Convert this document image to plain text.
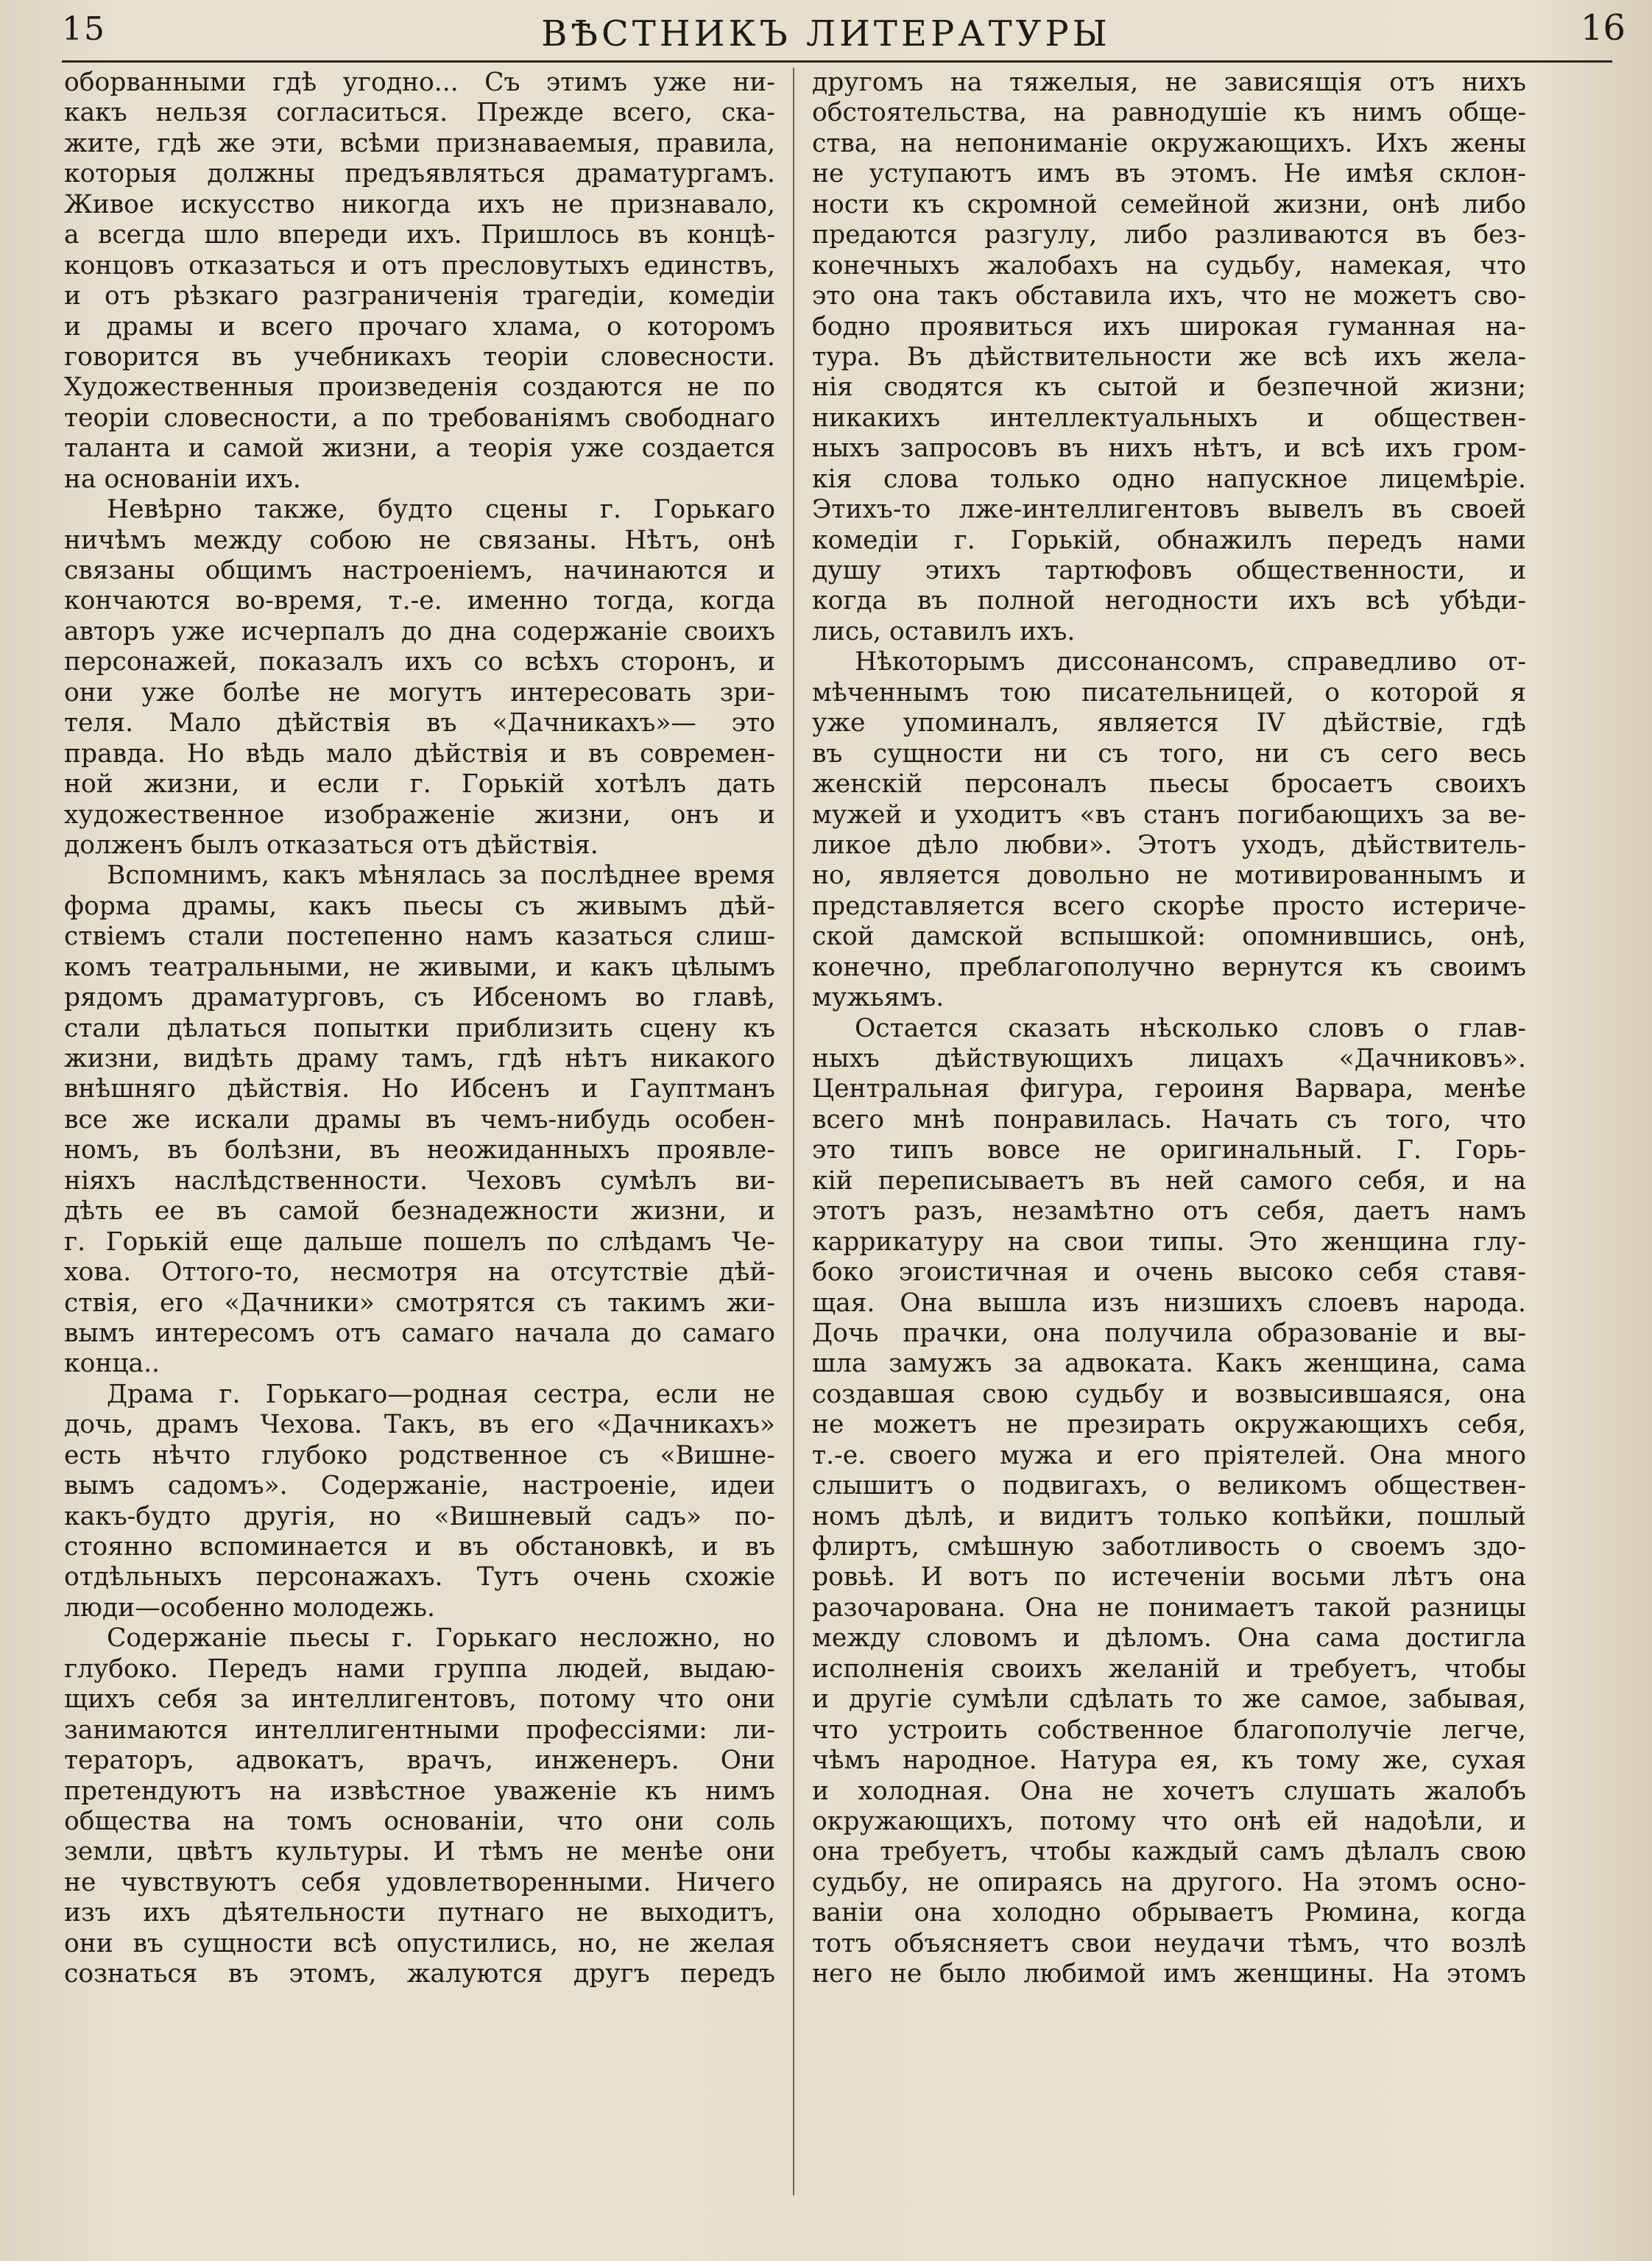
15	ВѢСТНИКЪ ЛИТЕРАТУРЫ	16
оборванными гдѣ угодно... Съ этимъ уже ни-
какъ нельзя согласиться. Прежде всего, ска-
жите, гдѣ же эти, всѣми признаваемыя, правила,
которыя должны предъявляться драматургамъ.
Живое искусство никогда ихъ не признавало,
а всегда шло впереди ихъ. Пришлось въ концѣ-
концовъ отказаться и отъ пресловутыхъ единствъ,
и отъ рѣзкаго разграниченія трагедіи, комедіи
и драмы и всего прочаго хлама, о которомъ
говорится въ учебникахъ теоріи словесности.
Художественныя произведенія создаются не по
теоріи словесности, а по требованіямъ свободнаго
таланта и самой жизни, а теорія уже создается
на основаніи ихъ.
Невѣрно также, будто сцены г. Горькаго
ничѣмъ между собою не связаны. Нѣтъ, онѣ
связаны общимъ настроеніемъ, начинаются и
кончаются во-время, т.-е. именно тогда, когда
авторъ уже исчерпалъ до дна содержаніе своихъ
персонажей, показалъ ихъ со всѣхъ сторонъ, и
они уже болѣе не могутъ интересовать зри-
теля. Мало дѣйствія въ «Дачникахъ»— это
правда. Но вѣдь мало дѣйствія и въ современ-
ной жизни, и если г. Горькій хотѣлъ дать
художественное изображеніе жизни, онъ и
долженъ былъ отказаться отъ дѣйствія.
Вспомнимъ, какъ мѣнялась за послѣднее время
форма драмы, какъ пьесы съ живымъ дѣй-
ствіемъ стали постепенно намъ казаться слиш-
комъ театральными, не живыми, и какъ цѣлымъ
рядомъ драматурговъ, съ Ибсеномъ во главѣ,
стали дѣлаться попытки приблизить сцену къ
жизни, видѣть драму тамъ, гдѣ нѣтъ никакого
внѣшняго дѣйствія. Но Ибсенъ и Гауптманъ
все же искали драмы въ чемъ-нибудь особен-
номъ, въ болѣзни, въ неожиданныхъ проявле-
ніяхъ наслѣдственности. Чеховъ сумѣлъ ви-
дѣть ее въ самой безнадежности жизни, и
г. Горькій еще дальше пошелъ по слѣдамъ Че-
хова. Оттого-то, несмотря на отсутствіе дѣй-
ствія, его «Дачники» смотрятся съ такимъ жи-
вымъ интересомъ отъ самаго начала до самаго
конца..
Драма г. Горькаго—родная сестра, если не
дочь, драмъ Чехова. Такъ, въ его «Дачникахъ»
есть нѣчто глубоко родственное съ «Вишне-
вымъ садомъ». Содержаніе, настроеніе, идеи
какъ-будто другія, но «Вишневый садъ» по-
стоянно вспоминается и въ обстановкѣ, и въ
отдѣльныхъ персонажахъ. Тутъ очень схожіе
люди—особенно молодежь.
Содержаніе пьесы г. Горькаго несложно, но
глубоко. Передъ нами группа людей, выдаю-
щихъ себя за интеллигентовъ, потому что они
занимаются интеллигентными профессіями: ли-
тераторъ, адвокатъ, врачъ, инженеръ. Они
претендуютъ на извѣстное уваженіе къ нимъ
общества на томъ основаніи, что они соль
земли, цвѣтъ культуры. И тѣмъ не менѣе они
не чувствуютъ себя удовлетворенными. Ничего
изъ ихъ дѣятельности путнаго не выходитъ,
они въ сущности всѣ опустились, но, не желая
сознаться въ этомъ, жалуются другъ передъ
другомъ на тяжелыя, не зависящія отъ нихъ
обстоятельства, на равнодушіе къ нимъ обще-
ства, на непониманіе окружающихъ. Ихъ жены
не уступаютъ имъ въ этомъ. Не имѣя склон-
ности къ скромной семейной жизни, онѣ либо
предаются разгулу, либо разливаются въ без-
конечныхъ жалобахъ на судьбу, намекая, что
это она такъ обставила ихъ, что не можетъ сво-
бодно проявиться ихъ широкая гуманная на-
тура. Въ дѣйствительности же всѣ ихъ жела-
нія сводятся къ сытой и безпечной жизни;
никакихъ интеллектуальныхъ и обществен-
ныхъ запросовъ въ нихъ нѣтъ, и всѣ ихъ гром-
кія слова только одно напускное лицемѣріе.
Этихъ-то лже-интеллигентовъ вывелъ въ своей
комедіи г. Горькій, обнажилъ передъ нами
душу этихъ тартюфовъ общественности, и
когда въ полной негодности ихъ всѣ убѣди-
лись, оставилъ ихъ.
Нѣкоторымъ диссонансомъ, справедливо от-
мѣченнымъ тою писательницей, о которой я
уже упоминалъ, является IV дѣйствіе, гдѣ
въ сущности ни съ того, ни съ сего весь
женскій персоналъ пьесы бросаетъ своихъ
мужей и уходитъ «въ станъ погибающихъ за ве-
ликое дѣло любви». Этотъ уходъ, дѣйствитель-
но, является довольно не мотивированнымъ и
представляется всего скорѣе просто истериче-
ской дамской вспышкой: опомнившись, онѣ,
конечно, преблагополучно вернутся къ своимъ
мужьямъ.
Остается сказать нѣсколько словъ о глав-
ныхъ дѣйствующихъ лицахъ «Дачниковъ».
Центральная фигура, героиня Варвара, менѣе
всего мнѣ понравилась. Начать съ того, что
это типъ вовсе не оригинальный. Г. Горь-
кій переписываетъ въ ней самого себя, и на
этотъ разъ, незамѣтно отъ себя, даетъ намъ
каррикатуру на свои типы. Это женщина глу-
боко эгоистичная и очень высоко себя ставя-
щая. Она вышла изъ низшихъ слоевъ народа.
Дочь прачки, она получила образованіе и вы-
шла замужъ за адвоката. Какъ женщина, сама
создавшая свою судьбу и возвысившаяся, она
не можетъ не презирать окружающихъ себя,
т.-е. своего мужа и его пріятелей. Она много
слышитъ о подвигахъ, о великомъ обществен-
номъ дѣлѣ, и видитъ только копѣйки, пошлый
флиртъ, смѣшную заботливость о своемъ здо-
ровьѣ. И вотъ по истеченіи восьми лѣтъ она
разочарована. Она не понимаетъ такой разницы
между словомъ и дѣломъ. Она сама достигла
исполненія своихъ желаній и требуетъ, чтобы
и другіе сумѣли сдѣлать то же самое, забывая,
что устроить собственное благополучіе легче,
чѣмъ народное. Натура ея, къ тому же, сухая
и холодная. Она не хочетъ слушать жалобъ
окружающихъ, потому что онѣ ей надоѣли, и
она требуетъ, чтобы каждый самъ дѣлалъ свою
судьбу, не опираясь на другого. На этомъ осно-
ваніи она холодно обрываетъ Рюмина, когда
тотъ объясняетъ свои неудачи тѣмъ, что возлѣ
него не было любимой имъ женщины. На этомъ
